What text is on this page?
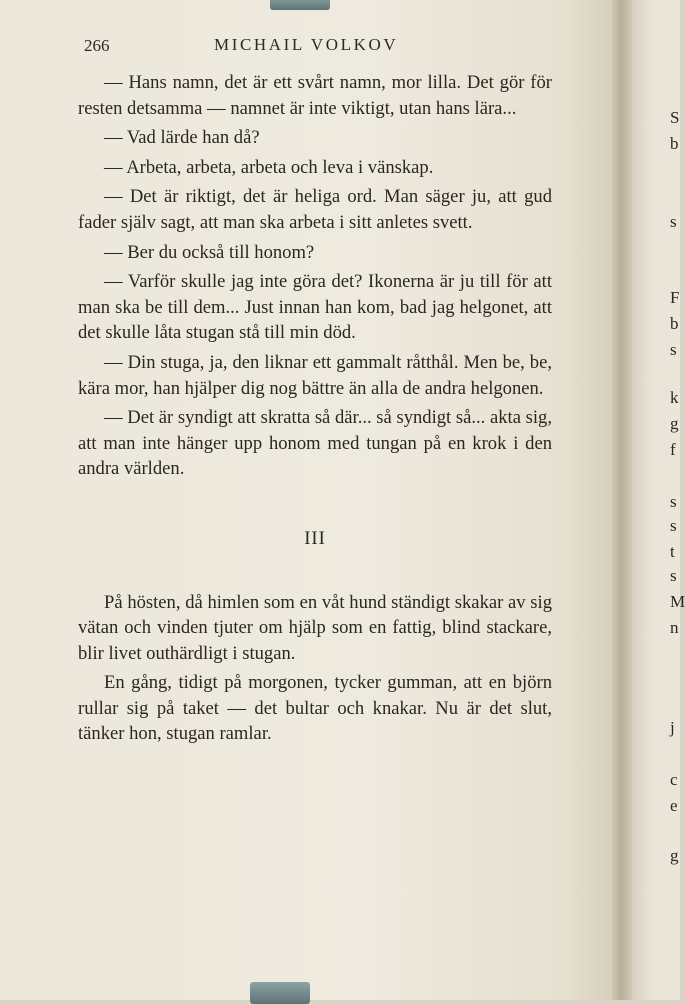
266	MICHAIL VOLKOV

— Hans namn, det är ett svårt namn, mor lilla. Det gör för resten detsamma — namnet är inte viktigt, utan hans lära...

— Vad lärde han då?

— Arbeta, arbeta, arbeta och leva i vänskap.

— Det är riktigt, det är heliga ord. Man säger ju, att gud fader själv sagt, att man ska arbeta i sitt anletes svett.

— Ber du också till honom?

— Varför skulle jag inte göra det? Ikonerna är ju till för att man ska be till dem... Just innan han kom, bad jag helgonet, att det skulle låta stugan stå till min död.

— Din stuga, ja, den liknar ett gammalt råtthål. Men be, be, kära mor, han hjälper dig nog bättre än alla de andra helgonen.

— Det är syndigt att skratta så där... så syndigt så... akta sig, att man inte hänger upp honom med tungan på en krok i den andra världen.

III

På hösten, då himlen som en våt hund ständigt skakar av sig vätan och vinden tjuter om hjälp som en fattig, blind stackare, blir livet outhärdligt i stugan.

En gång, tidigt på morgonen, tycker gumman, att en björn rullar sig på taket — det bultar och knakar. Nu är det slut, tänker hon, stugan ramlar.

S
b
s
F
b
s
k
g
f
s
s
t
s
M
n
j
c
e
g
